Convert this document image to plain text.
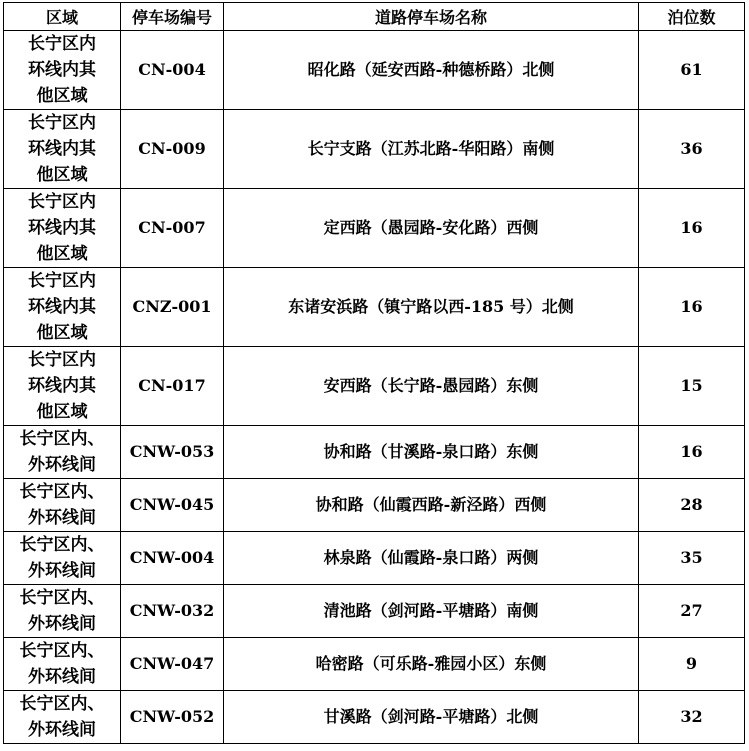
区域	停车场编号	道路停车场名称	泊位数

长宁区内
环线内其
他区域	CN-004	昭化路（延安西路-种德桥路）北侧	61

长宁区内
环线内其
他区域	CN-009	长宁支路（江苏北路-华阳路）南侧	36

长宁区内
环线内其
他区域	CN-007	定西路（愚园路-安化路）西侧	16

长宁区内
环线内其
他区域	CNZ-001	东诸安浜路（镇宁路以西-185 号）北侧	16

长宁区内
环线内其
他区域	CN-017	安西路（长宁路-愚园路）东侧	15

长宁区内、
外环线间	CNW-053	协和路（甘溪路-泉口路）东侧	16

长宁区内、
外环线间	CNW-045	协和路（仙霞西路-新泾路）西侧	28

长宁区内、
外环线间	CNW-004	林泉路（仙霞路-泉口路）两侧	35

长宁区内、
外环线间	CNW-032	清池路（剑河路-平塘路）南侧	27

长宁区内、
外环线间	CNW-047	哈密路（可乐路-雅园小区）东侧	9

长宁区内、
外环线间	CNW-052	甘溪路（剑河路-平塘路）北侧	32
